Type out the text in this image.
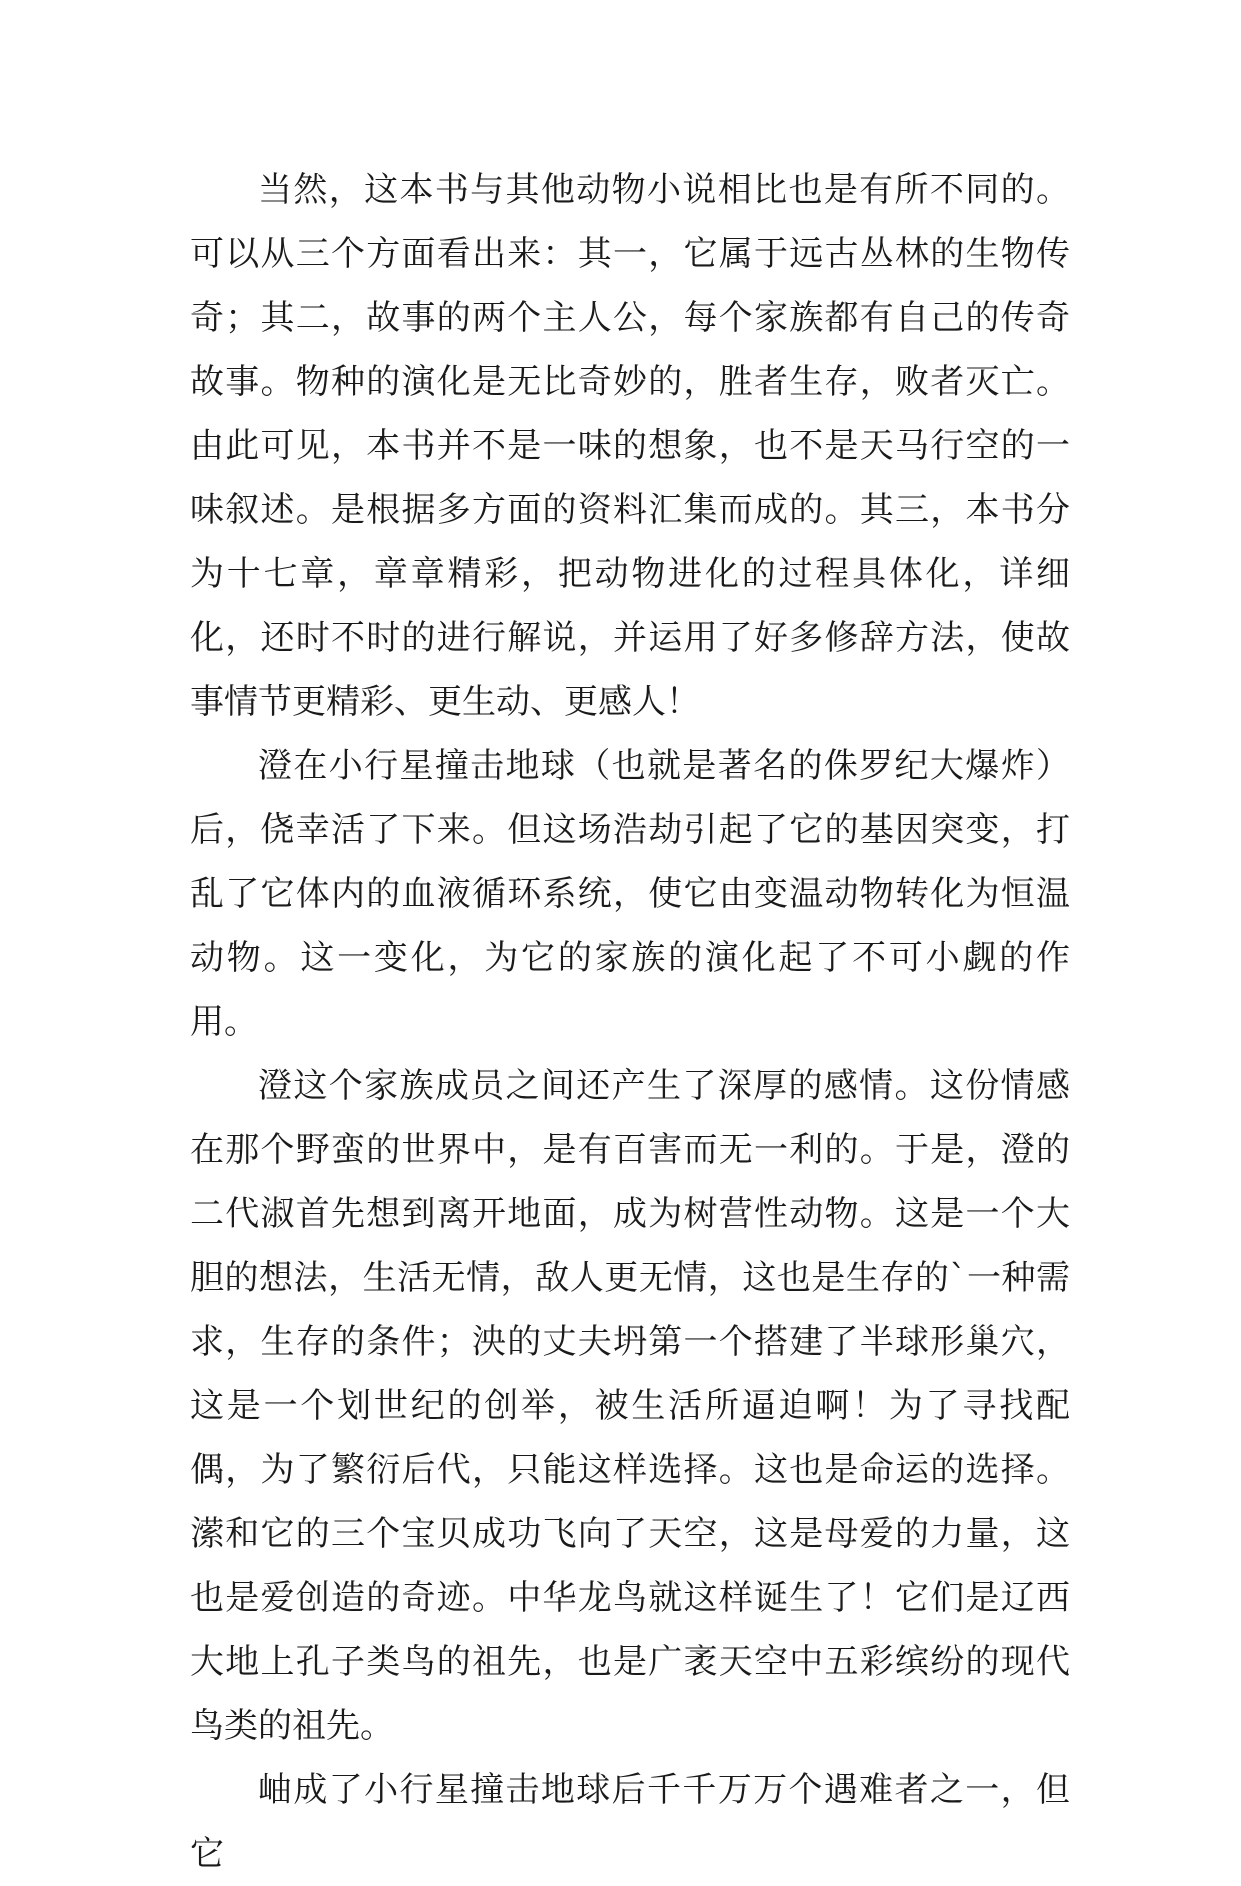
当然，这本书与其他动物小说相比也是有所不同的。可以从三个方面看出来：其一，它属于远古丛林的生物传奇；其二，故事的两个主人公，每个家族都有自己的传奇故事。物种的演化是无比奇妙的，胜者生存，败者灭亡。由此可见，本书并不是一味的想象，也不是天马行空的一味叙述。是根据多方面的资料汇集而成的。其三，本书分为十七章，章章精彩，把动物进化的过程具体化，详细化，还时不时的进行解说，并运用了好多修辞方法，使故事情节更精彩、更生动、更感人！

澄在小行星撞击地球（也就是著名的侏罗纪大爆炸）后，侥幸活了下来。但这场浩劫引起了它的基因突变，打乱了它体内的血液循环系统，使它由变温动物转化为恒温动物。这一变化，为它的家族的演化起了不可小觑的作用。

澄这个家族成员之间还产生了深厚的感情。这份情感在那个野蛮的世界中，是有百害而无一利的。于是，澄的二代淑首先想到离开地面，成为树营性动物。这是一个大胆的想法，生活无情，敌人更无情，这也是生存的`一种需求，生存的条件；泱的丈夫坍第一个搭建了半球形巢穴，这是一个划世纪的创举，被生活所逼迫啊！为了寻找配偶，为了繁衍后代，只能这样选择。这也是命运的选择。潆和它的三个宝贝成功飞向了天空，这是母爱的力量，这也是爱创造的奇迹。中华龙鸟就这样诞生了！它们是辽西大地上孔子类鸟的祖先，也是广袤天空中五彩缤纷的现代鸟类的祖先。

岫成了小行星撞击地球后千千万万个遇难者之一，但它
